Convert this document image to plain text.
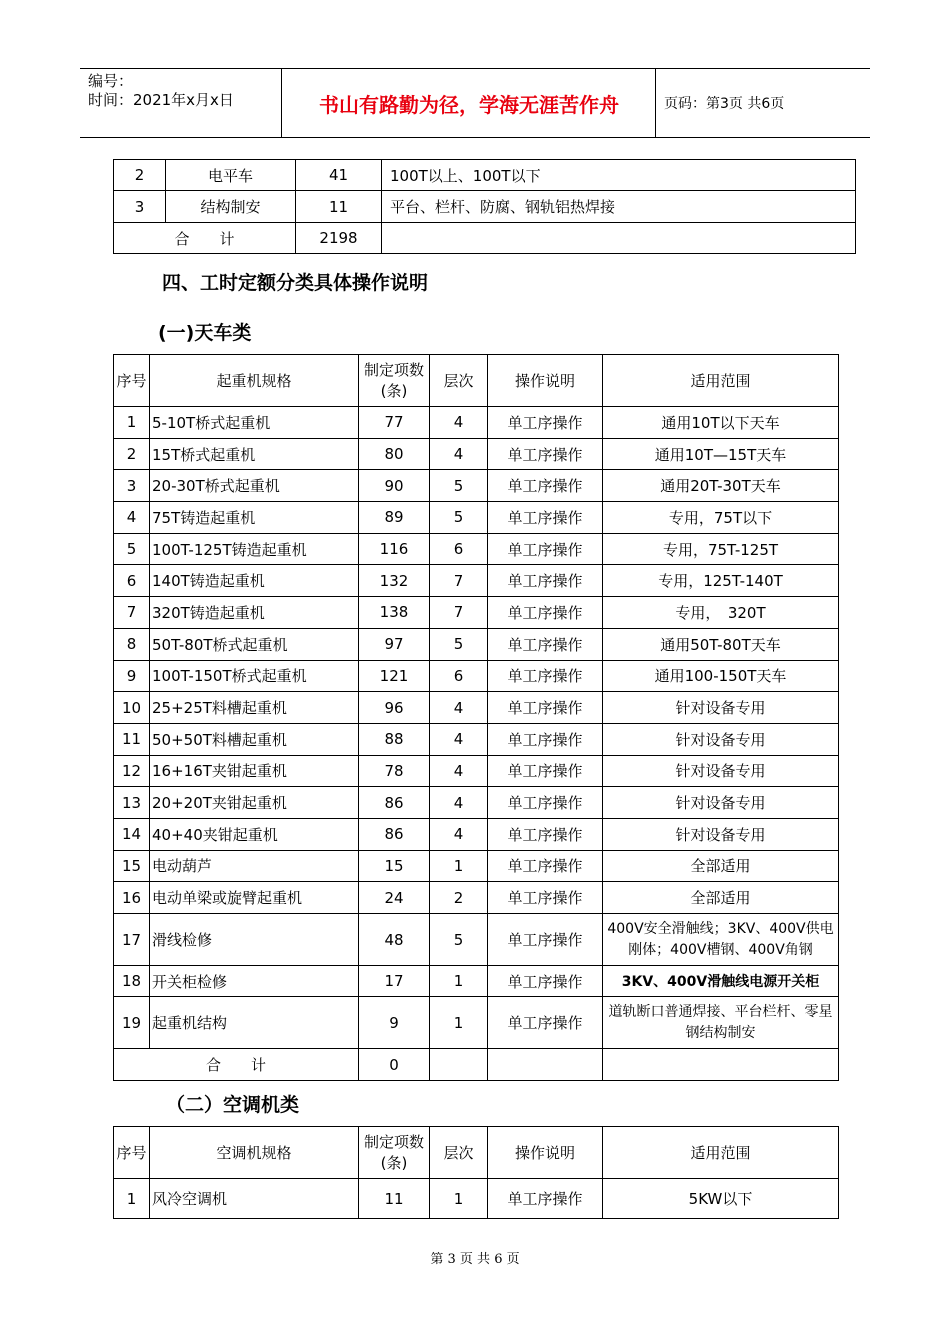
编号：
时间：2021年x月x日	书山有路勤为径，学海无涯苦作舟	页码：第3页 共6页
2	电平车	41	100T以上、100T以下
3	结构制安	11	平台、栏杆、防腐、钢轨铝热焊接
合　　计		2198	
四、工时定额分类具体操作说明
(一)天车类
序号	起重机规格	制定项数(条)	层次	操作说明	适用范围
1	5-10T桥式起重机	77	4	单工序操作	通用10T以下天车
2	15T桥式起重机	80	4	单工序操作	通用10T—15T天车
3	20-30T桥式起重机	90	5	单工序操作	通用20T-30T天车
4	75T铸造起重机	89	5	单工序操作	专用，75T以下
5	100T-125T铸造起重机	116	6	单工序操作	专用，75T-125T
6	140T铸造起重机	132	7	单工序操作	专用，125T-140T
7	320T铸造起重机	138	7	单工序操作	专用，　320T
8	50T-80T桥式起重机	97	5	单工序操作	通用50T-80T天车
9	100T-150T桥式起重机	121	6	单工序操作	通用100-150T天车
10	25+25T料槽起重机	96	4	单工序操作	针对设备专用
11	50+50T料槽起重机	88	4	单工序操作	针对设备专用
12	16+16T夹钳起重机	78	4	单工序操作	针对设备专用
13	20+20T夹钳起重机	86	4	单工序操作	针对设备专用
14	40+40夹钳起重机	86	4	单工序操作	针对设备专用
15	电动葫芦	15	1	单工序操作	全部适用
16	电动单梁或旋臂起重机	24	2	单工序操作	全部适用
17	滑线检修	48	5	单工序操作	400V安全滑触线；3KV、400V供电刚体；400V槽钢、400V角钢
18	开关柜检修	17	1	单工序操作	3KV、400V滑触线电源开关柜
19	起重机结构	9	1	单工序操作	道轨断口普通焊接、平台栏杆、零星钢结构制安
合　　计		0			
（二）空调机类
序号	空调机规格	制定项数(条)	层次	操作说明	适用范围
1	风冷空调机	11	1	单工序操作	5KW以下
第 3 页 共 6 页
